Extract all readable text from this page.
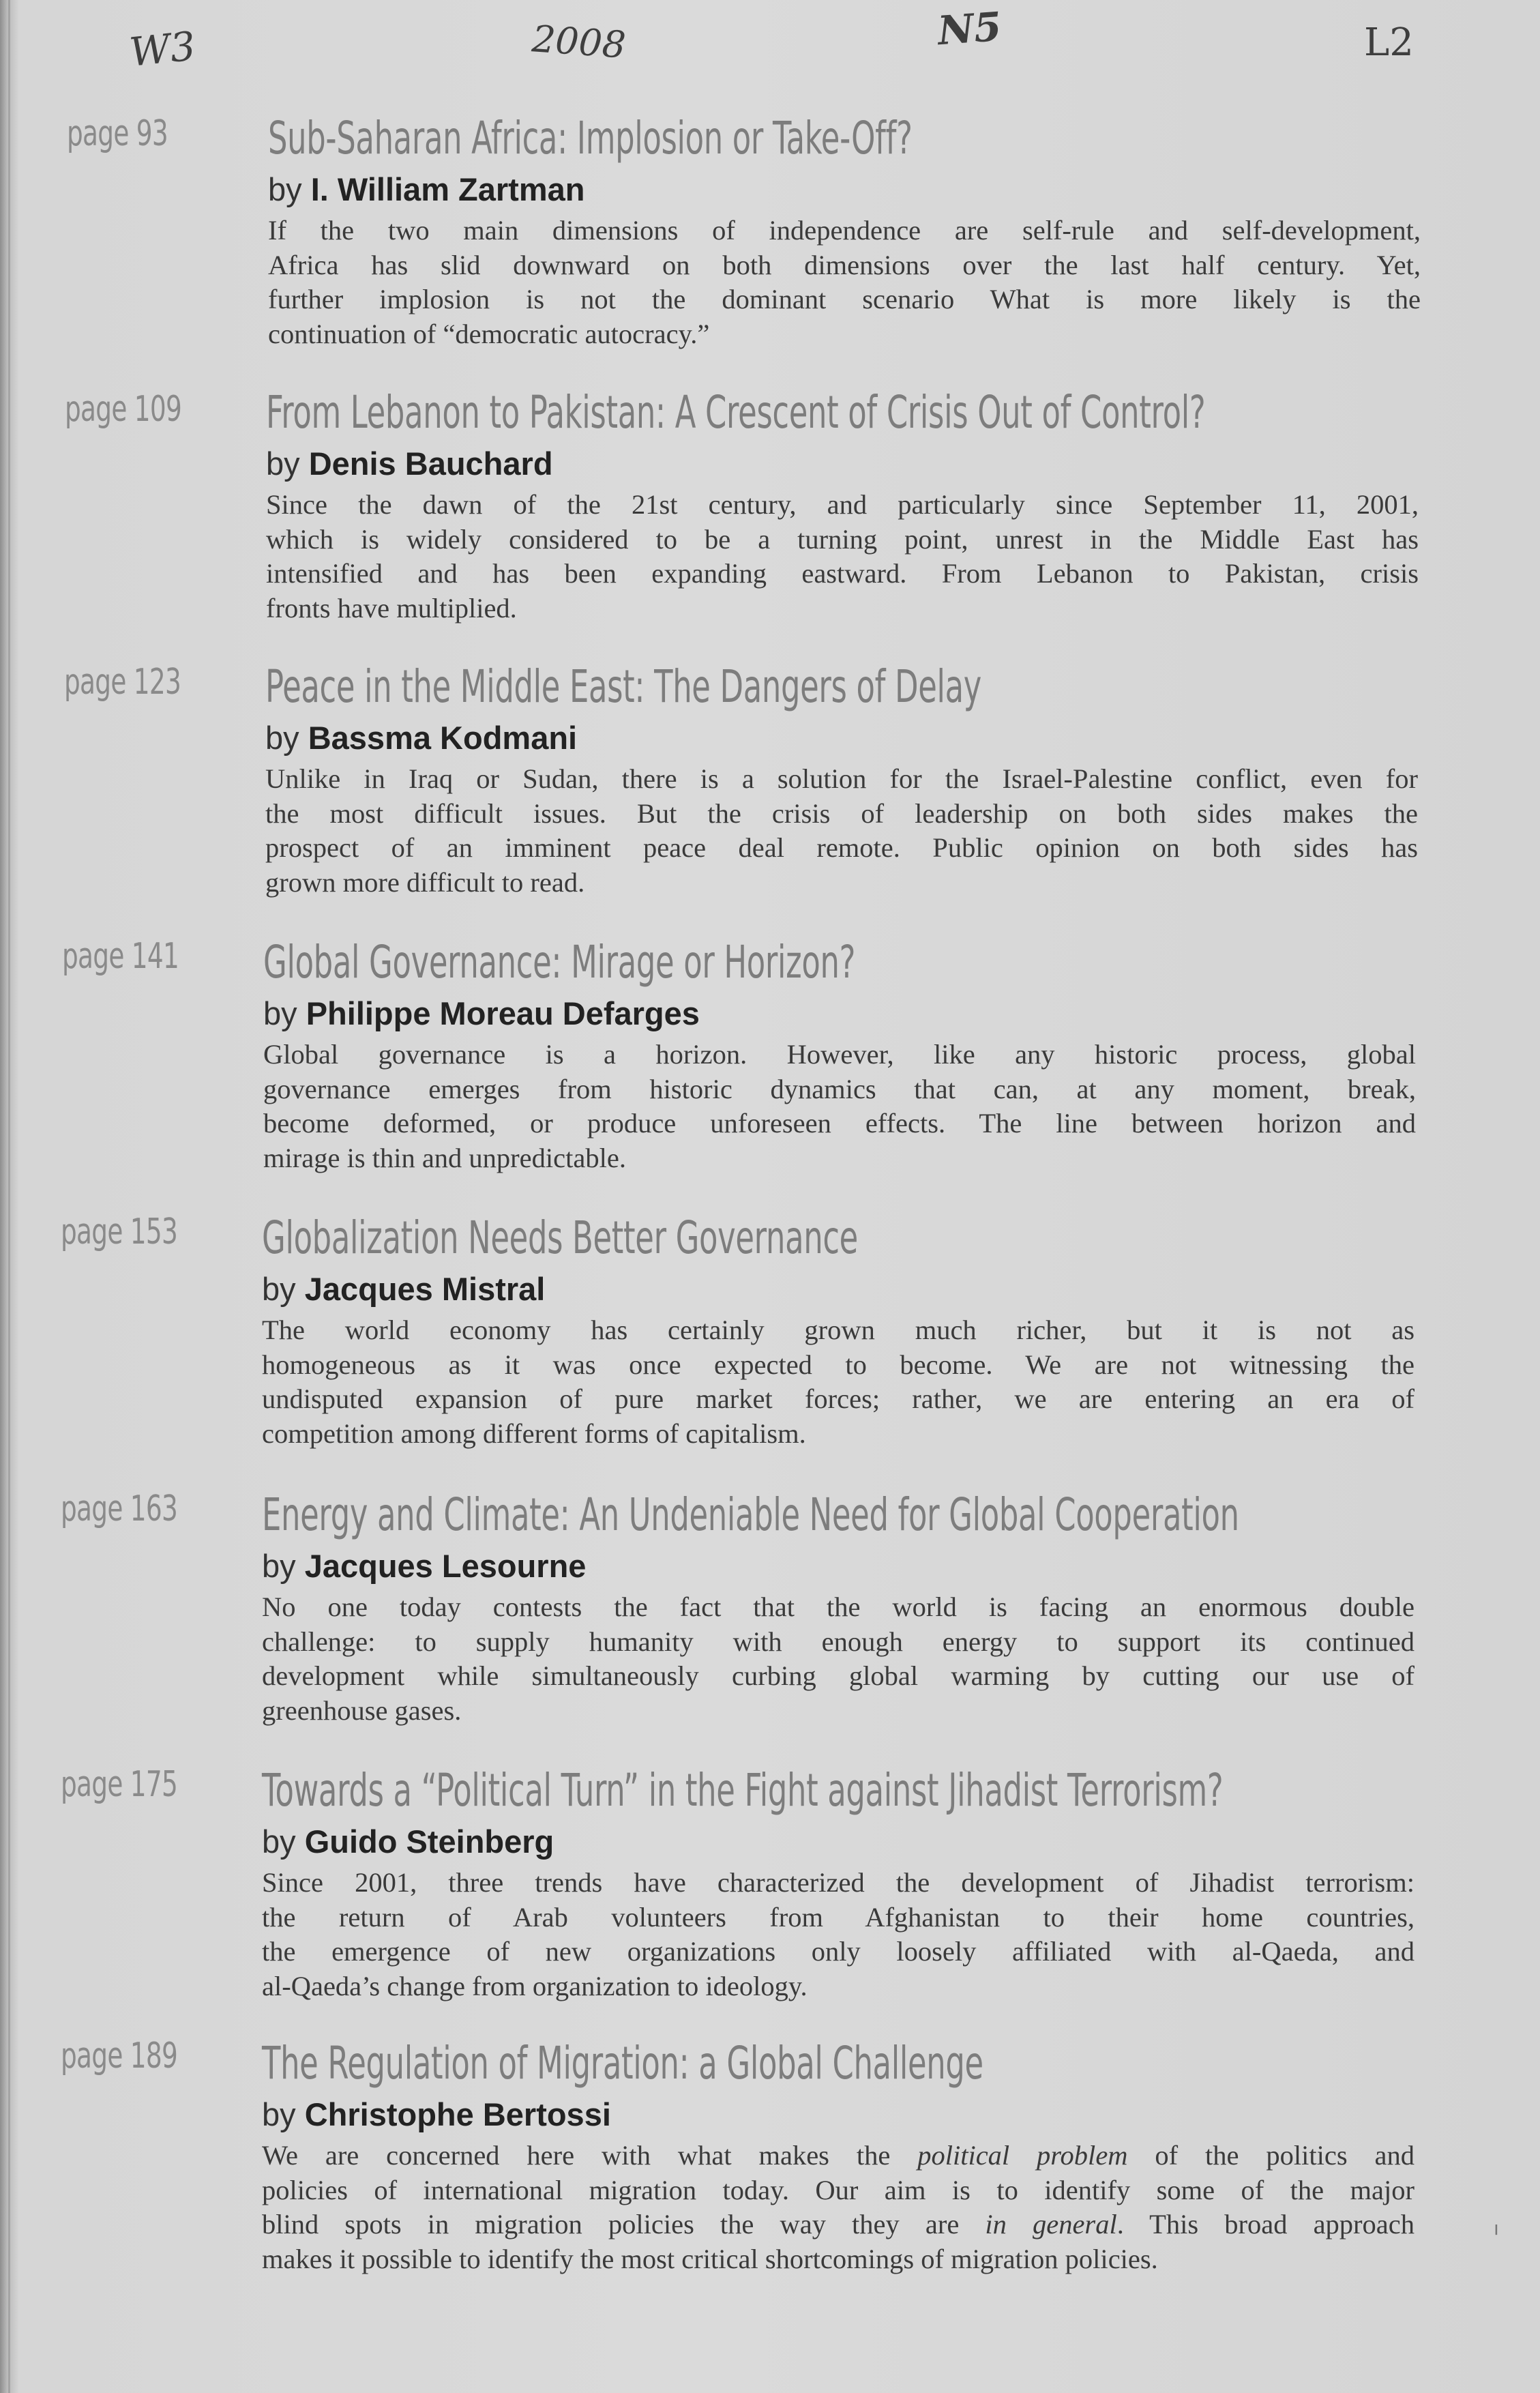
W3	2008	N5	L2
page 93 Sub-Saharan Africa: Implosion or Take-Off?
by I. William Zartman
If the two main dimensions of independence are self-rule and self-development,
Africa has slid downward on both dimensions over the last half century. Yet,
further implosion is not the dominant scenario What is more likely is the
continuation of “democratic autocracy.”
page 109 From Lebanon to Pakistan: A Crescent of Crisis Out of Control?
by Denis Bauchard
Since the dawn of the 21st century, and particularly since September 11, 2001,
which is widely considered to be a turning point, unrest in the Middle East has
intensified and has been expanding eastward. From Lebanon to Pakistan, crisis
fronts have multiplied.
page 123 Peace in the Middle East: The Dangers of Delay
by Bassma Kodmani
Unlike in Iraq or Sudan, there is a solution for the Israel-Palestine conflict, even for
the most difficult issues. But the crisis of leadership on both sides makes the
prospect of an imminent peace deal remote. Public opinion on both sides has
grown more difficult to read.
page 141 Global Governance: Mirage or Horizon?
by Philippe Moreau Defarges
Global governance is a horizon. However, like any historic process, global
governance emerges from historic dynamics that can, at any moment, break,
become deformed, or produce unforeseen effects. The line between horizon and
mirage is thin and unpredictable.
page 153 Globalization Needs Better Governance
by Jacques Mistral
The world economy has certainly grown much richer, but it is not as
homogeneous as it was once expected to become. We are not witnessing the
undisputed expansion of pure market forces; rather, we are entering an era of
competition among different forms of capitalism.
page 163 Energy and Climate: An Undeniable Need for Global Cooperation
by Jacques Lesourne
No one today contests the fact that the world is facing an enormous double
challenge: to supply humanity with enough energy to support its continued
development while simultaneously curbing global warming by cutting our use of
greenhouse gases.
page 175 Towards a “Political Turn” in the Fight against Jihadist Terrorism?
by Guido Steinberg
Since 2001, three trends have characterized the development of Jihadist terrorism:
the return of Arab volunteers from Afghanistan to their home countries,
the emergence of new organizations only loosely affiliated with al-Qaeda, and
al-Qaeda’s change from organization to ideology.
page 189 The Regulation of Migration: a Global Challenge
by Christophe Bertossi
We are concerned here with what makes the political problem of the politics and
policies of international migration today. Our aim is to identify some of the major
blind spots in migration policies the way they are in general. This broad approach
makes it possible to identify the most critical shortcomings of migration policies.
ı
